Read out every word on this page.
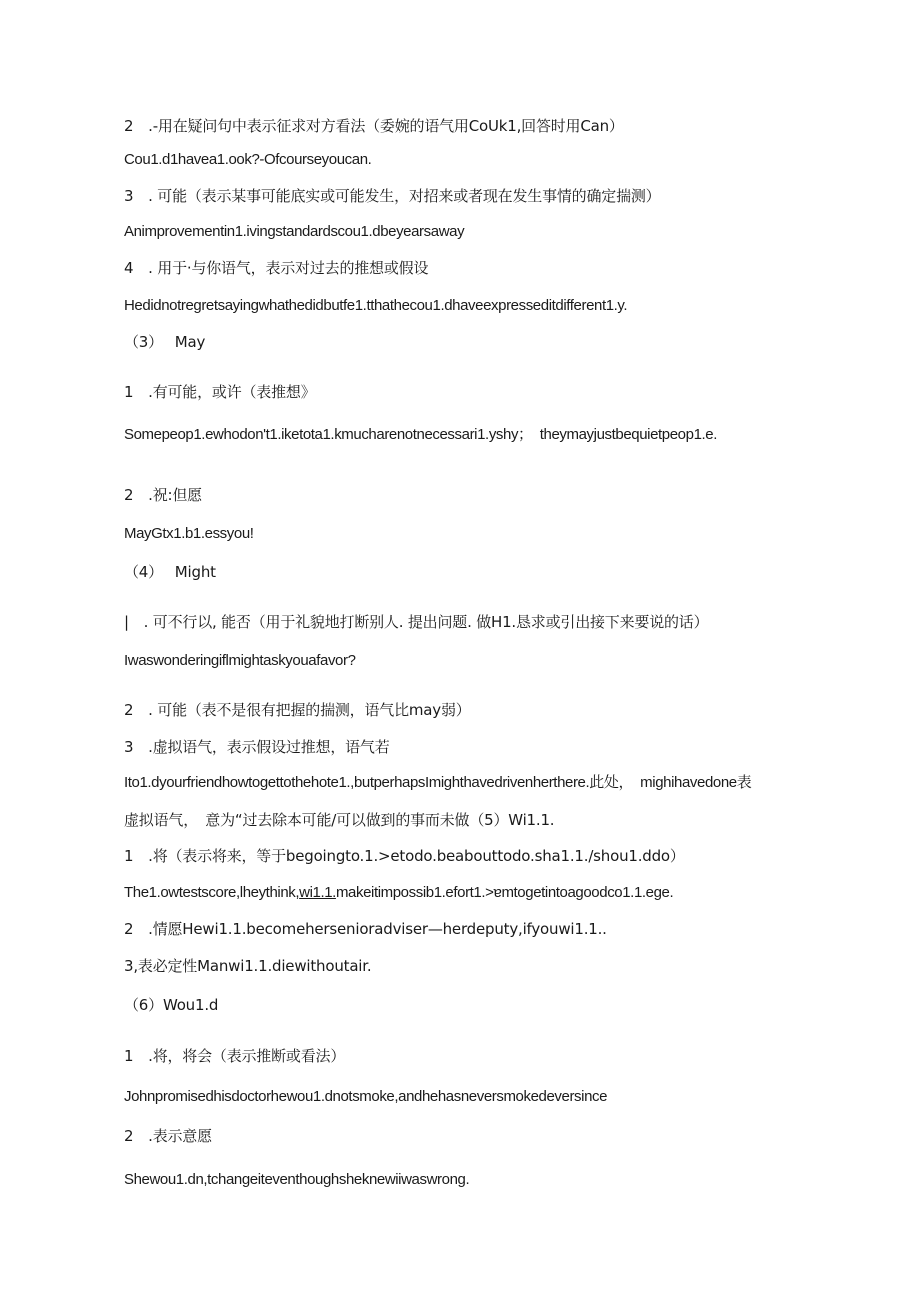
2　.-用在疑问句中表示征求对方看法（委婉的语气用CoUk1,回答时用Can）

Cou1.d1havea1.ook?-Ofcourseyoucan.

3　. 可能（表示某事可能底实或可能发生，对招来或者现在发生事情的确定揣测）

Animprovementin1.ivingstandardscou1.dbeyearsaway

4　. 用于·与你语气，表示对过去的推想或假设

Hedidnotregretsayingwhathedidbutfe1.tthathecou1.dhaveexpresseditdifferent1.y.

（3）　 May

1　.有可能，或许（表推想》

Somepeop1.ewhodon't1.iketota1.kmucharenotnecessari1.yshy；　theymayjustbequietpeop1.e.

2　.祝:但愿

MayGtx1.b1.essyou!

（4）　 Might

|　. 可不行以, 能否（用于礼貌地打断别人. 提出问题. 做H1.恳求或引出接下来要说的话）

Iwaswonderingiflmightaskyouafavor?

2　. 可能（表不是很有把握的揣测，语气比may弱）

3　.虚拟语气，表示假设过推想，语气若

Ito1.dyourfriendhowtogettothehote1.,butperhapsImighthavedrivenherthere.此处，　mighihavedone表

虚拟语气，　意为“过去除本可能/可以做到的事而未做（5）Wi1.1.

1　.将（表示将来，等于begoingto.1.>etodo.beabouttodo.sha1.1./shou1.ddo）

The1.owtestscore,lheythink,wi1.1.makeitimpossib1.efort1.>ɐmtogetintoagoodco1.1.ege.

2　.情愿Hewi1.1.becomehersenioradviser—herdeputy,ifyouwi1.1..

3,表必定性Manwi1.1.diewithoutair.

（6）Wou1.d

1　.将，将会（表示推断或看法）

Johnpromisedhisdoctorhewou1.dnotsmoke,andhehasneversmokedeversince

2　.表示意愿

Shewou1.dn,tchangeiteventhoughsheknewiiwaswrong.
